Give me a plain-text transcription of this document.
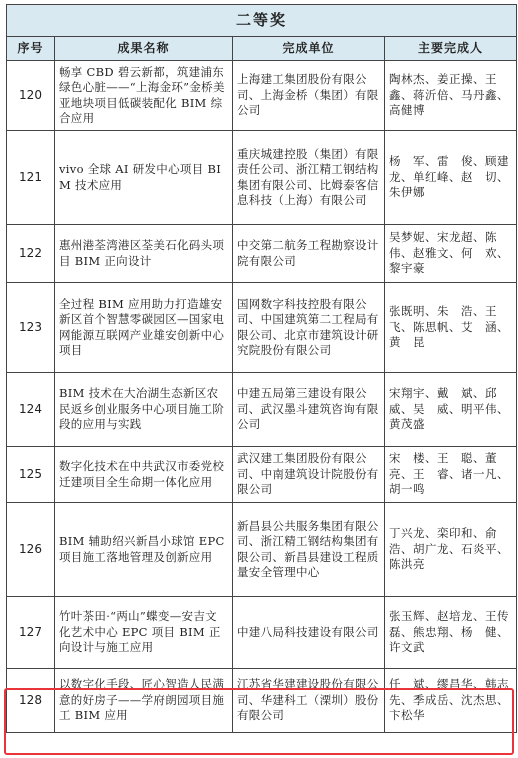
二等奖			
序号	成果名称	完成单位	主要完成人
120	畅享 CBD 碧云新都，筑建浦东绿色心脏——“上海金环”金桥美亚地块项目低碳装配化 BIM 综合应用	上海建工集团股份有限公司、上海金桥（集团）有限公司	陶林杰、姜正操、王　鑫、蒋沂倍、马丹鑫、高健博
121	vivo 全球 AI 研发中心项目 BIM 技术应用	重庆城建控股（集团）有限责任公司、浙江精工钢结构集团有限公司、比姆泰客信息科技（上海）有限公司	杨　军、雷　俊、顾建龙、单红峰、赵　切、朱伊娜
122	惠州港荃湾港区荃美石化码头项目 BIM 正向设计	中交第二航务工程勘察设计院有限公司	吴梦妮、宋龙超、陈　伟、赵雅文、何　欢、黎宇豪
123	全过程 BIM 应用助力打造雄安新区首个智慧零碳园区—国家电网能源互联网产业雄安创新中心项目	国网数字科技控股有限公司、中国建筑第二工程局有限公司、北京市建筑设计研究院股份有限公司	张既明、朱　浩、王　飞、陈思帆、艾　涵、黄　昆
124	BIM 技术在大冶湖生态新区农民返乡创业服务中心项目施工阶段的应用与实践	中建五局第三建设有限公司、武汉墨斗建筑咨询有限公司	宋翔宇、戴　斌、邱　威、吴　威、明平伟、黄茂盛
125	数字化技术在中共武汉市委党校迁建项目全生命期一体化应用	武汉建工集团股份有限公司、中南建筑设计院股份有限公司	宋　楼、王　聪、董　亮、王　睿、诸一凡、胡一鸣
126	BIM 辅助绍兴新昌小球馆 EPC 项目施工落地管理及创新应用	新昌县公共服务集团有限公司、浙江精工钢结构集团有限公司、新昌县建设工程质量安全管理中心	丁兴龙、栾印和、俞　浩、胡广龙、石炎平、陈洪亮
127	竹叶茶田·“两山”蝶变—安吉文化艺术中心 EPC 项目 BIM 正向设计与施工应用	中建八局科技建设有限公司	张玉辉、赵培龙、王传磊、熊忠翔、杨　健、许文武
128	以数字化手段、匠心智造人民满意的好房子——学府朗园项目施工 BIM 应用	江苏省华建建设股份有限公司、华建科工（溧圳）股份有限公司	任　斌、缪昌华、韩志先、季成岳、沈杰思、卞松华
